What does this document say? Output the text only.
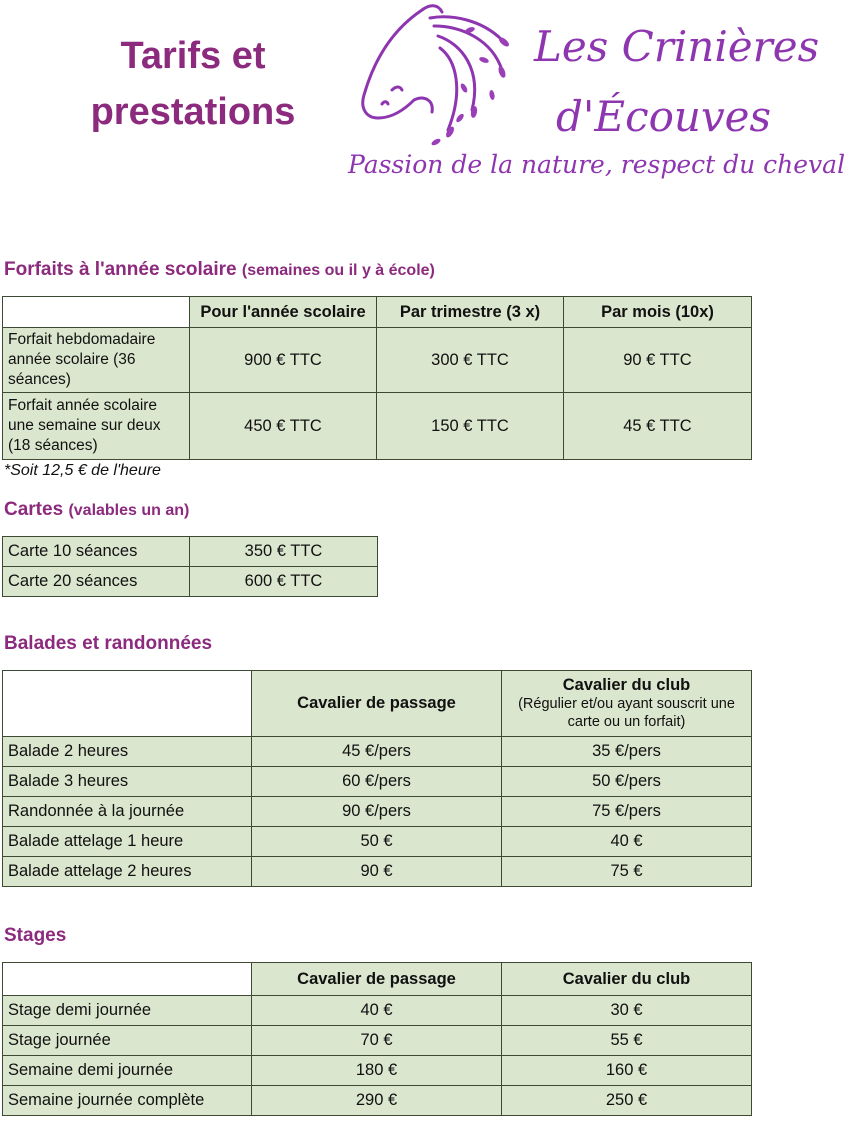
Tarifs et
prestations
Les Crinières
d'Écouves
Passion de la nature, respect du cheval
Forfaits à l'année scolaire (semaines ou il y à école)
	Pour l'année scolaire	Par trimestre (3 x)	Par mois (10x)
Forfait hebdomadaire année scolaire (36 séances)	900 € TTC	300 € TTC	90 € TTC
Forfait année scolaire une semaine sur deux (18 séances)	450 € TTC	150 € TTC	45 € TTC

*Soit 12,5 € de l'heure

Cartes (valables un an)
Carte 10 séances	350 € TTC
Carte 20 séances	600 € TTC
Balades et randonnées
	Cavalier de passage	Cavalier du club
(Régulier et/ou ayant souscrit une carte ou un forfait)

Balade 2 heures	45 €/pers	35 €/pers
Balade 3 heures	60 €/pers	50 €/pers
Randonnée à la journée	90 €/pers	75 €/pers
Balade attelage 1 heure	50 €	40 €
Balade attelage 2 heures	90 €	75 €
Stages
	Cavalier de passage	Cavalier du club
Stage demi journée	40 €	30 €
Stage journée	70 €	55 €
Semaine demi journée	180 €	160 €
Semaine journée complète	290 €	250 €
